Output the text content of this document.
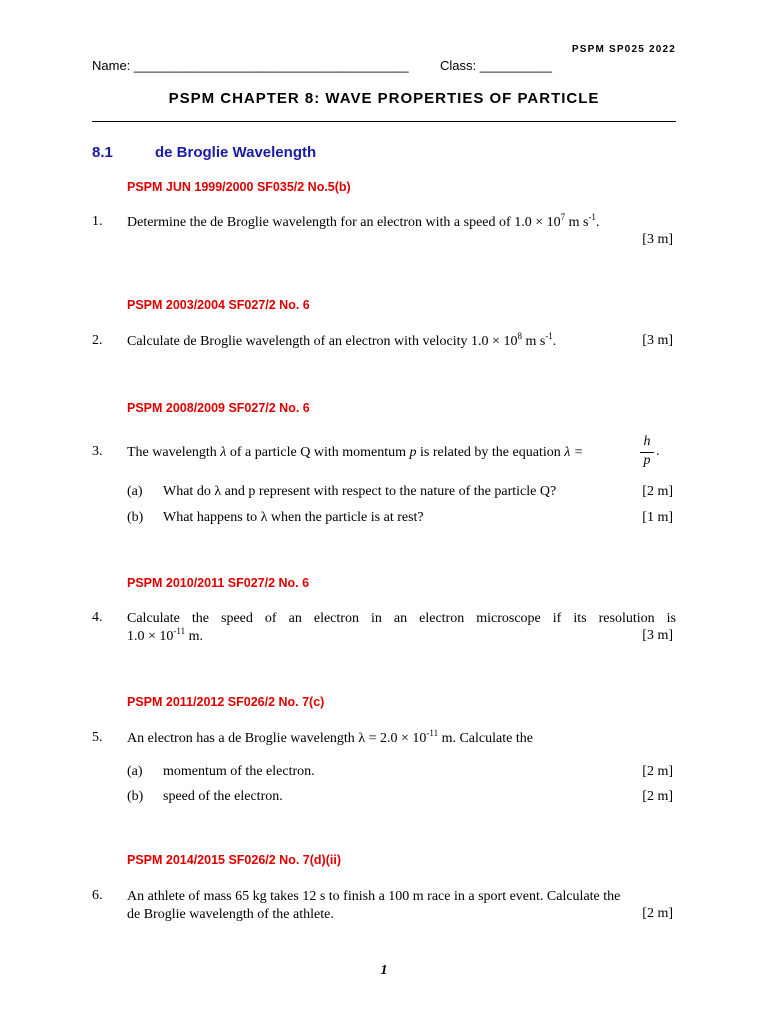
PSPM SP025 2022
Name: ______________________________________ Class: __________
PSPM CHAPTER 8: WAVE PROPERTIES OF PARTICLE
8.1	de Broglie Wavelength
PSPM JUN 1999/2000 SF035/2 No.5(b)
1. Determine the de Broglie wavelength for an electron with a speed of $1.0 \times 10^7$ m $s^{-1}$.
[3 m]
PSPM 2003/2004 SF027/2 No. 6
2. Calculate de Broglie wavelength of an electron with velocity $1.0 \times 10^8$ m $s^{-1}$.	[3 m]
PSPM 2008/2009 SF027/2 No. 6
3. The wavelength λ of a particle Q with momentum p is related by the equation λ =
h
p
.
(a) What do λ and p represent with respect to the nature of the particle Q?	[2 m]
(b) What happens to λ when the particle is at rest?	[1 m]
PSPM 2010/2011 SF027/2 No. 6
4. Calculate the speed of an electron in an electron microscope if its resolution is
$1.0 \times 10^{-11}$ m.	[3 m]
PSPM 2011/2012 SF026/2 No. 7(c)
5. An electron has a de Broglie wavelength $\lambda = 2.0 \times 10^{-11}$ m. Calculate the
(a) momentum of the electron.	[2 m]
(b) speed of the electron.	[2 m]
PSPM 2014/2015 SF026/2 No. 7(d)(ii)
6. An athlete of mass 65 kg takes 12 s to finish a 100 m race in a sport event. Calculate the
de Broglie wavelength of the athlete.	[2 m]
1
